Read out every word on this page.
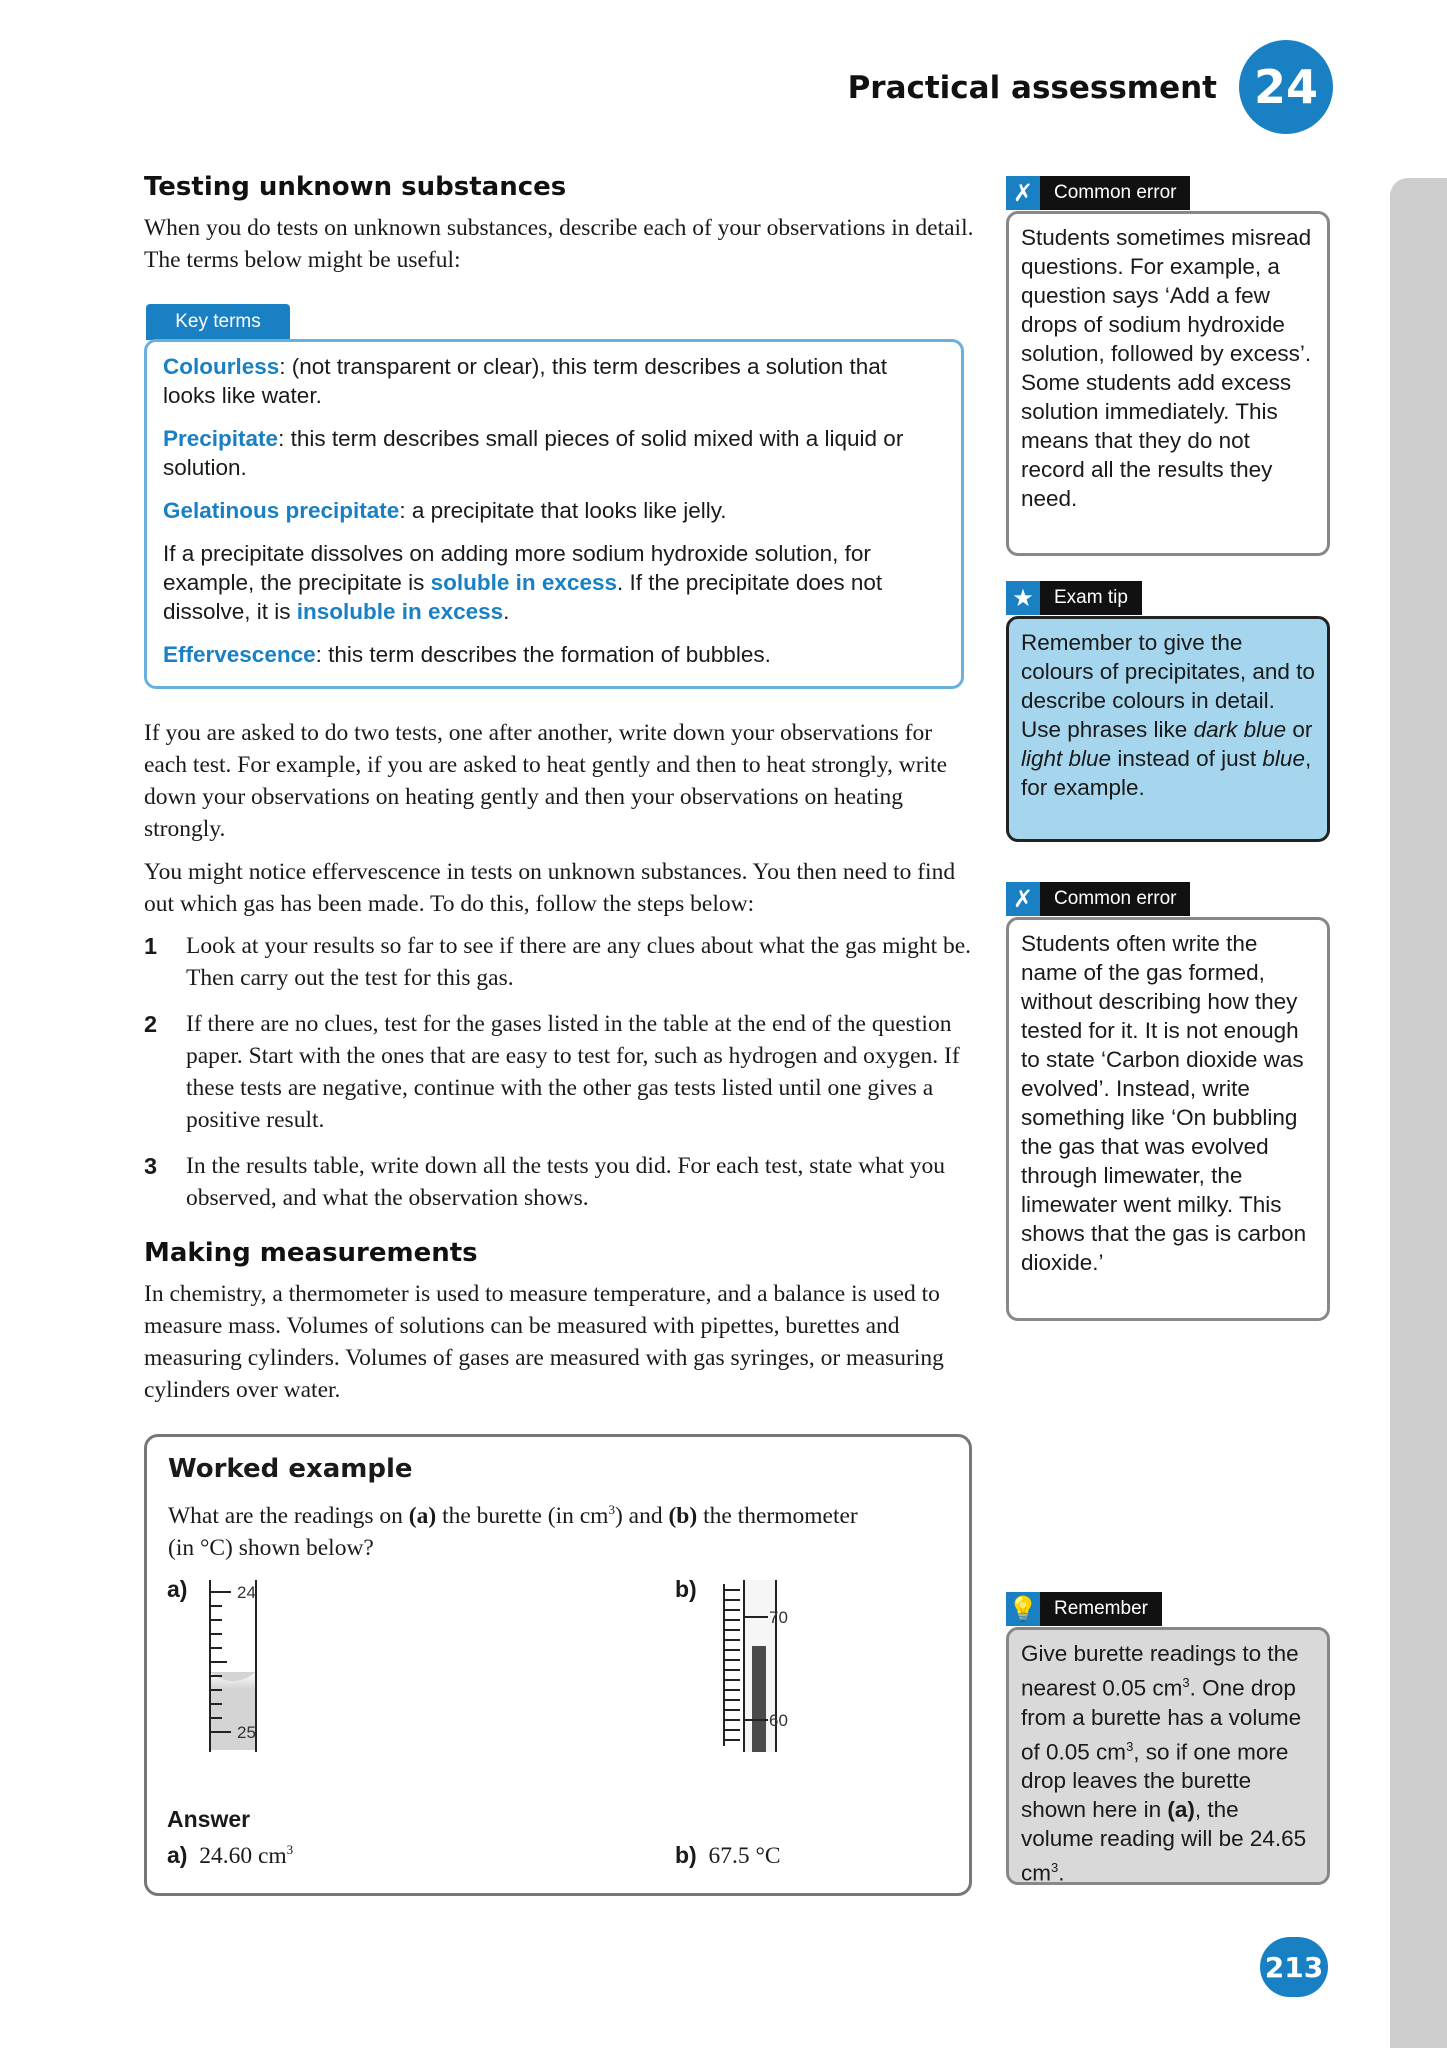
Practical assessment 24
Testing unknown substances
When you do tests on unknown substances, describe each of your observations in detail. The terms below might be useful:
Key terms

Colourless: (not transparent or clear), this term describes a solution that looks like water.

Precipitate: this term describes small pieces of solid mixed with a liquid or solution.

Gelatinous precipitate: a precipitate that looks like jelly.

If a precipitate dissolves on adding more sodium hydroxide solution, for example, the precipitate is soluble in excess. If the precipitate does not dissolve, it is insoluble in excess.

Effervescence: this term describes the formation of bubbles.

If you are asked to do two tests, one after another, write down your observations for each test. For example, if you are asked to heat gently and then to heat strongly, write down your observations on heating gently and then your observations on heating strongly.
You might notice effervescence in tests on unknown substances. You then need to find out which gas has been made. To do this, follow the steps below:
1 Look at your results so far to see if there are any clues about what the gas might be. Then carry out the test for this gas.
2 If there are no clues, test for the gases listed in the table at the end of the question paper. Start with the ones that are easy to test for, such as hydrogen and oxygen. If these tests are negative, continue with the other gas tests listed until one gives a positive result.
3 In the results table, write down all the tests you did. For each test, state what you observed, and what the observation shows.
Making measurements
In chemistry, a thermometer is used to measure temperature, and a balance is used to measure mass. Volumes of solutions can be measured with pipettes, burettes and measuring cylinders. Volumes of gases are measured with gas syringes, or measuring cylinders over water.
Worked example
What are the readings on (a) the burette (in $cm^3$) and (b) the thermometer (in °C) shown below?
a)	b)
24
25
70
60
Answer
a) 24.60 $cm^3$	b) 67.5 °C
✗	Common error
Students sometimes misread questions. For example, a question says ‘Add a few drops of sodium hydroxide solution, followed by excess’. Some students add excess solution immediately. This means that they do not record all the results they need.
★	Exam tip
Remember to give the colours of precipitates, and to describe colours in detail. Use phrases like dark blue or light blue instead of just blue, for example.
✗	Common error
Students often write the name of the gas formed, without describing how they tested for it. It is not enough to state ‘Carbon dioxide was evolved’. Instead, write something like ‘On bubbling the gas that was evolved through limewater, the limewater went milky. This shows that the gas is carbon dioxide.’
💡 Remember
Give burette readings to the nearest 0.05 $cm^3$. One drop from a burette has a volume of 0.05 $cm^3$, so if one more drop leaves the burette shown here in (a), the volume reading will be 24.65 $cm^3$.
213
